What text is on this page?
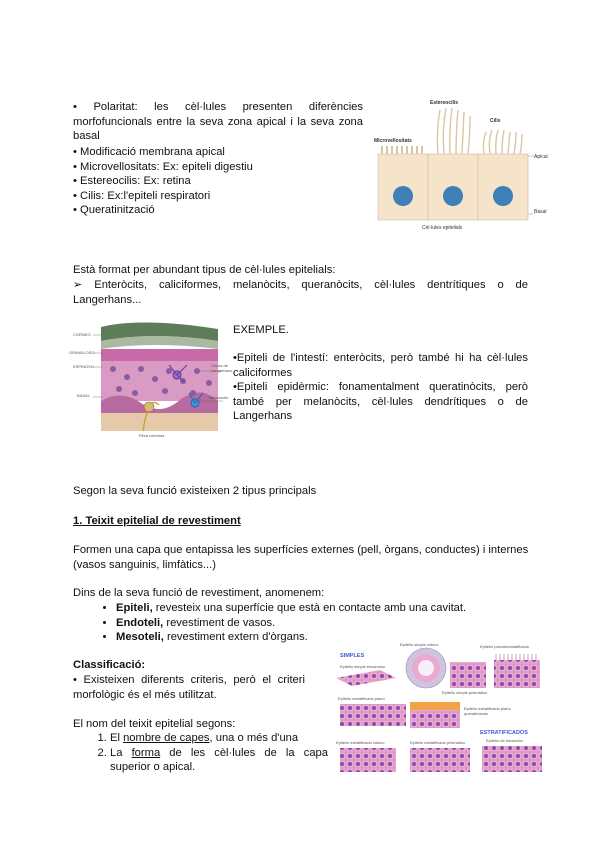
• Polaritat: les cèl·lules presenten diferències morfofuncionals entre la seva zona apical i la seva zona basal
• Modificació membrana apical
• Microvellositats: Ex: epiteli digestiu
• Estereocilis: Ex: retina
• Cilis: Ex:l'epiteli respiratori
• Queratinització
Estereocilis
Cilis
Microvellositats
Apical
Basal
Cèl·lules epitelials
Està format per abundant tipus de cèl·lules epitelials:
➢ Enteròcits, caliciformes, melanòcits, queranòcits, cèl·lules dentrítiques o de Langerhans...
CORNEO
GRANULOSO
ESPINOSO
BASAL
Célula de Langerhans
Melanocito
Fibra nerviosa
EXEMPLE.
•Epiteli de l'intestí: enteròcits, però també hi ha cèl·lules caliciformes
•Epiteli epidèrmic: fonamentalment queratinòcits, però també per melanòcits, cèl·lules dendrítiques o de Langerhans
Segon la seva funció existeixen 2 tipus principals
1. Teixit epitelial de revestiment
Formen una capa que entapissa les superfícies externes (pell, òrgans, conductes) i internes (vasos sanguinis, limfàtics...)
Dins de la seva funció de revestiment, anomenem:
• Epiteli, revesteix una superfície que està en contacte amb una cavitat.
• Endoteli, revestiment de vasos.
• Mesoteli, revestiment extern d'òrgans.
Classificació:
• Existeixen diferents criteris, però el criteri morfològic és el més utilitzat.
El nom del teixit epitelial segons:
1. El nombre de capes, una o més d'una
2. La forma de les cèl·lules de la capa superior o apical.
SIMPLES
ESTRATIFICADOS
Epitelio simple cúbico	Epitelio pseudoestratificado
Epitelio simple escamoso
Epitelio simple prismático
Epitelio estratificado plano
Epitelio estratificado plano queratinizado
Epitelio estratificado cúbico	Epitelio estratificado prismático	Epitelio de transición
